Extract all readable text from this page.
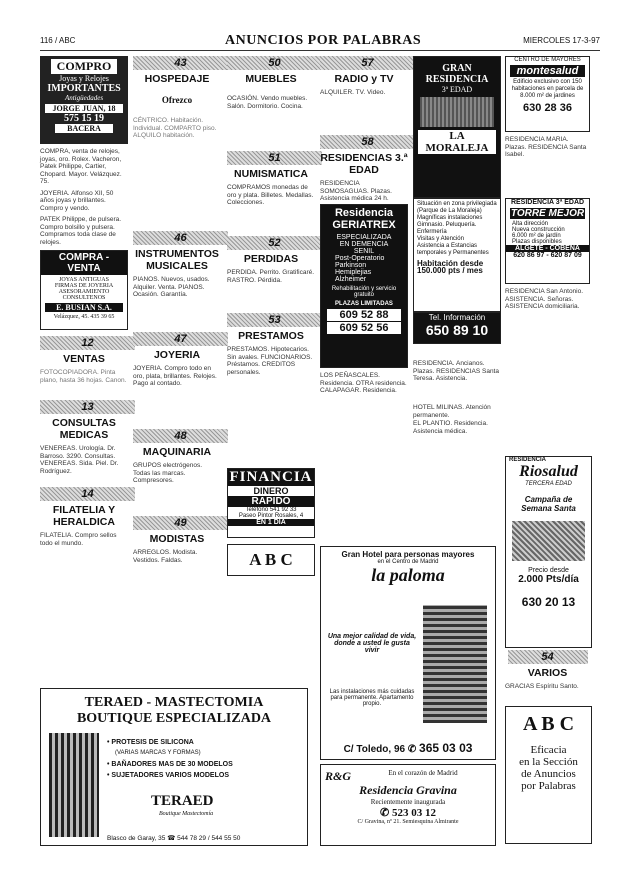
116 / ABC	ANUNCIOS POR PALABRAS	MIERCOLES 17-3-97
COMPRO
Joyas y Relojes
IMPORTANTES
Antigüedades
JORGE JUAN, 18
575 15 19
BACERA
COMPRA, venta de relojes, joyas, oro. Rolex. Vacheron, Patek Philippe, Cartier, Chopard. Mayor. Velázquez. 75.
JOYERIA. Alfonso XII, 50 años joyas y brillantes. Compro y vendo.
PATEK Philippe, de pulsera. Compro bolsillo y pulsera. Compramos toda clase de relojes.
COMPRA - VENTA
JOYAS ANTIGUAS
FIRMAS DE JOYERIA
ASESORAMIENTO
CONSULTENOS
E. BUSIAN S.A.
Velázquez, 45. 435 39 65
12
VENTAS
FOTOCOPIADORA. Pinta plano, hasta 36 hojas. Canon.
13
CONSULTAS MEDICAS
VENEREAS. Urología. Dr. Barroso. 3290. Consultas. VENEREAS. Sida. Piel. Dr. Rodríguez.
14
FILATELIA Y HERALDICA
FILATELIA. Compro sellos todo el mundo.
43
HOSPEDAJE
Ofrezco
CÉNTRICO. Habitación. Individual. COMPARTO piso. ALQUILO habitación.
46
INSTRUMENTOS MUSICALES
PIANOS. Nuevos, usados. Alquiler. Venta. PIANOS. Ocasión. Garantía.
47
JOYERIA
JOYERIA. Compro todo en oro, plata, brillantes. Relojes. Pago al contado.
48
MAQUINARIA
GRUPOS electrógenos. Todas las marcas. Compresores.
49
MODISTAS
ARREGLOS. Modista. Vestidos. Faldas.
50
MUEBLES
OCASIÓN. Vendo muebles. Salón. Dormitorio. Cocina.
51
NUMISMATICA
COMPRAMOS monedas de oro y plata. Billetes. Medallas. Colecciones.
52
PERDIDAS
PERDIDA. Perrito. Gratificaré. RASTRO. Pérdida.
53
PRESTAMOS
PRESTAMOS. Hipotecarios. Sin avales. FUNCIONARIOS. Préstamos. CREDITOS personales.
FINANCIA
DINERO
RAPIDO
Teléfono 541 92 33
Paseo Pintor Rosales, 4
EN 1 DIA
A B C
57
RADIO y TV
ALQUILER. TV. Video.
58
RESIDENCIAS 3.ª EDAD
RESIDENCIA SOMOSAGUAS. Plazas. Asistencia médica 24 h.
Residencia GERIATREX
ESPECIALIZADA
EN DEMENCIA
SENIL
Post-Operatorio
Parkinson
Hemiplejias
Alzheimer
Rehabilitación y servicio gratuito
PLAZAS LIMITADAS
609 52 88
609 52 56
LOS PEÑASCALES. Residencia. OTRA residencia. CALAPAGAR. Residencia.
Gran Hotel para personas mayores
en el Centro de Madrid
la paloma
Una mejor calidad de vida, donde a usted le gusta vivir
Las instalaciones más cuidadas para permanente. Apartamento propio.
C/ Toledo, 96 ✆ 365 03 03
GRAN
RESIDENCIA
3ª EDAD
LA MORALEJA
Situación en zona privilegiada (Parque de La Moraleja)
Magníficas instalaciones
Gimnasio. Peluquería. Enfermería
Visitas y Atención
Asistencia a Estancias temporales y Permanentes
Habitación desde
150.000 pts / mes
Tel. Información
650 89 10
RESIDENCIA. Ancianos. Plazas. RESIDENCIAS Santa Teresa. Asistencia.
HOTEL MILINAS. Atención permanente.
EL PLANTIO. Residencia. Asistencia médica.
CENTRO DE MAYORES
montesalud
Edificio exclusivo con 150 habitaciones en parcela de 8.000 m² de jardines
630 28 36
RESIDENCIA MARIA. Plazas. RESIDENCIA Santa Isabel.
RESIDENCIA 3ª EDAD
TORRE MEJOR
Alta dirección
Nueva construcción
6.000 m² de jardín
Plazas disponibles
ALGETE - COBEÑA
620 86 97 - 620 87 09
RESIDENCIA San Antonio. ASISTENCIA. Señoras. ASISTENCIA domiciliaria.
RESIDENCIA
Riosalud
TERCERA EDAD
Campaña de Semana Santa
Precio desde
2.000 Pts/día
630 20 13
54
VARIOS
GRACIAS Espíritu Santo.
A B C
Eficacia
en la Sección
de Anuncios
por Palabras
TERAED - MASTECTOMIA
BOUTIQUE ESPECIALIZADA
• PROTESIS DE SILICONA
(VARIAS MARCAS Y FORMAS)
• BAÑADORES MAS DE 30 MODELOS
• SUJETADORES VARIOS MODELOS
TERAED
Boutique Mastectomía
Blasco de Garay, 35 ☎ 544 78 29 / 544 55 50
R&G	En el corazón de Madrid
Residencia Gravina
Recientemente inaugurada
✆ 523 03 12
C/ Gravina, nº 21. Semiesquina Almirante
